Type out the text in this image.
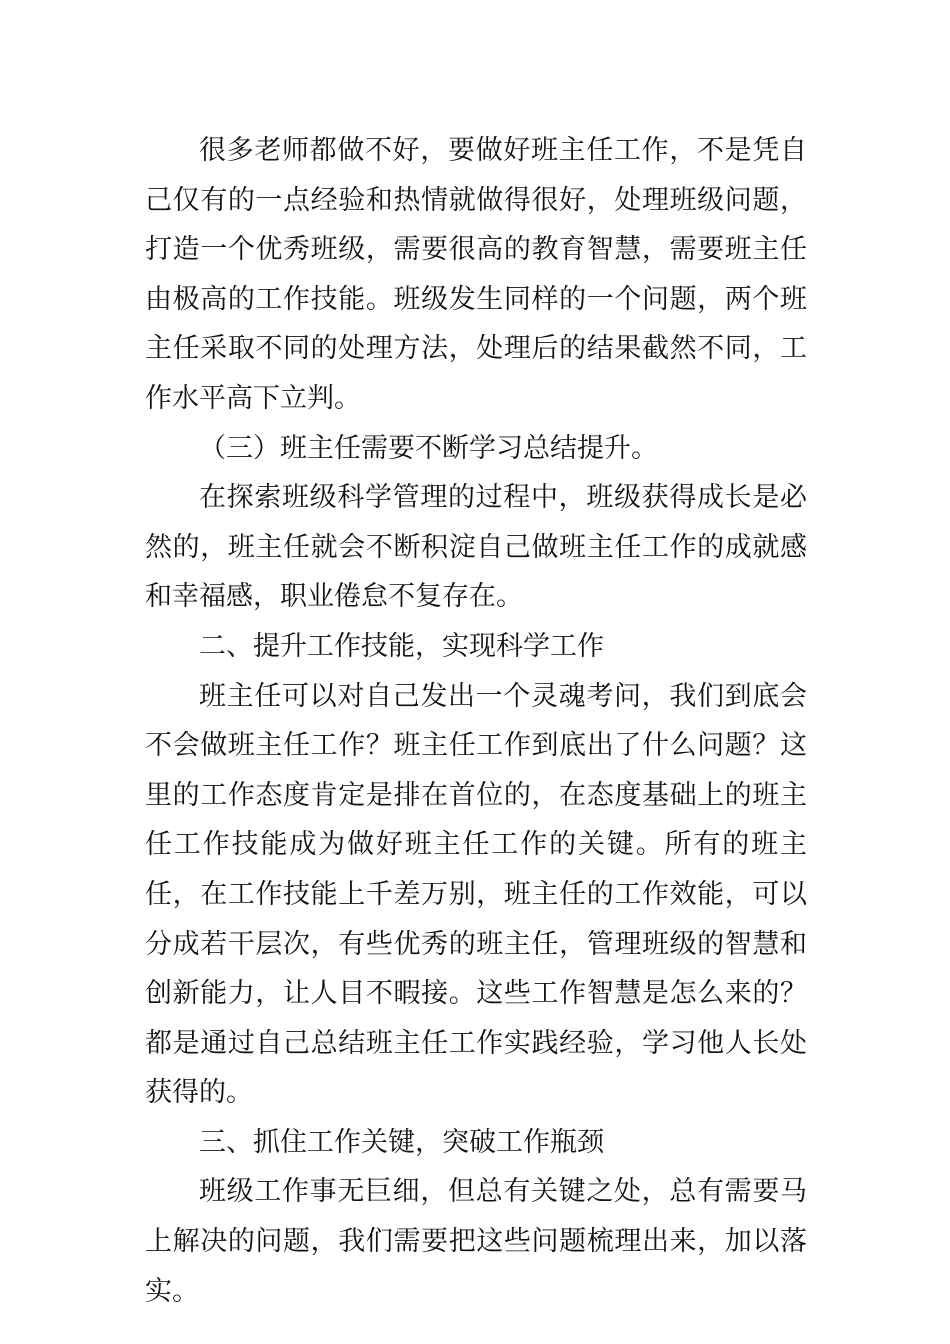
很多老师都做不好，要做好班主任工作，不是凭自己仅有的一点经验和热情就做得很好，处理班级问题，打造一个优秀班级，需要很高的教育智慧，需要班主任由极高的工作技能。班级发生同样的一个问题，两个班主任采取不同的处理方法，处理后的结果截然不同，工作水平高下立判。

（三）班主任需要不断学习总结提升。

在探索班级科学管理的过程中，班级获得成长是必然的，班主任就会不断积淀自己做班主任工作的成就感和幸福感，职业倦怠不复存在。

二、提升工作技能，实现科学工作

班主任可以对自己发出一个灵魂考问，我们到底会不会做班主任工作？班主任工作到底出了什么问题？这里的工作态度肯定是排在首位的，在态度基础上的班主任工作技能成为做好班主任工作的关键。所有的班主任，在工作技能上千差万别，班主任的工作效能，可以分成若干层次，有些优秀的班主任，管理班级的智慧和创新能力，让人目不暇接。这些工作智慧是怎么来的？都是通过自己总结班主任工作实践经验，学习他人长处获得的。

三、抓住工作关键，突破工作瓶颈

班级工作事无巨细，但总有关键之处，总有需要马上解决的问题，我们需要把这些问题梳理出来，加以落实。
